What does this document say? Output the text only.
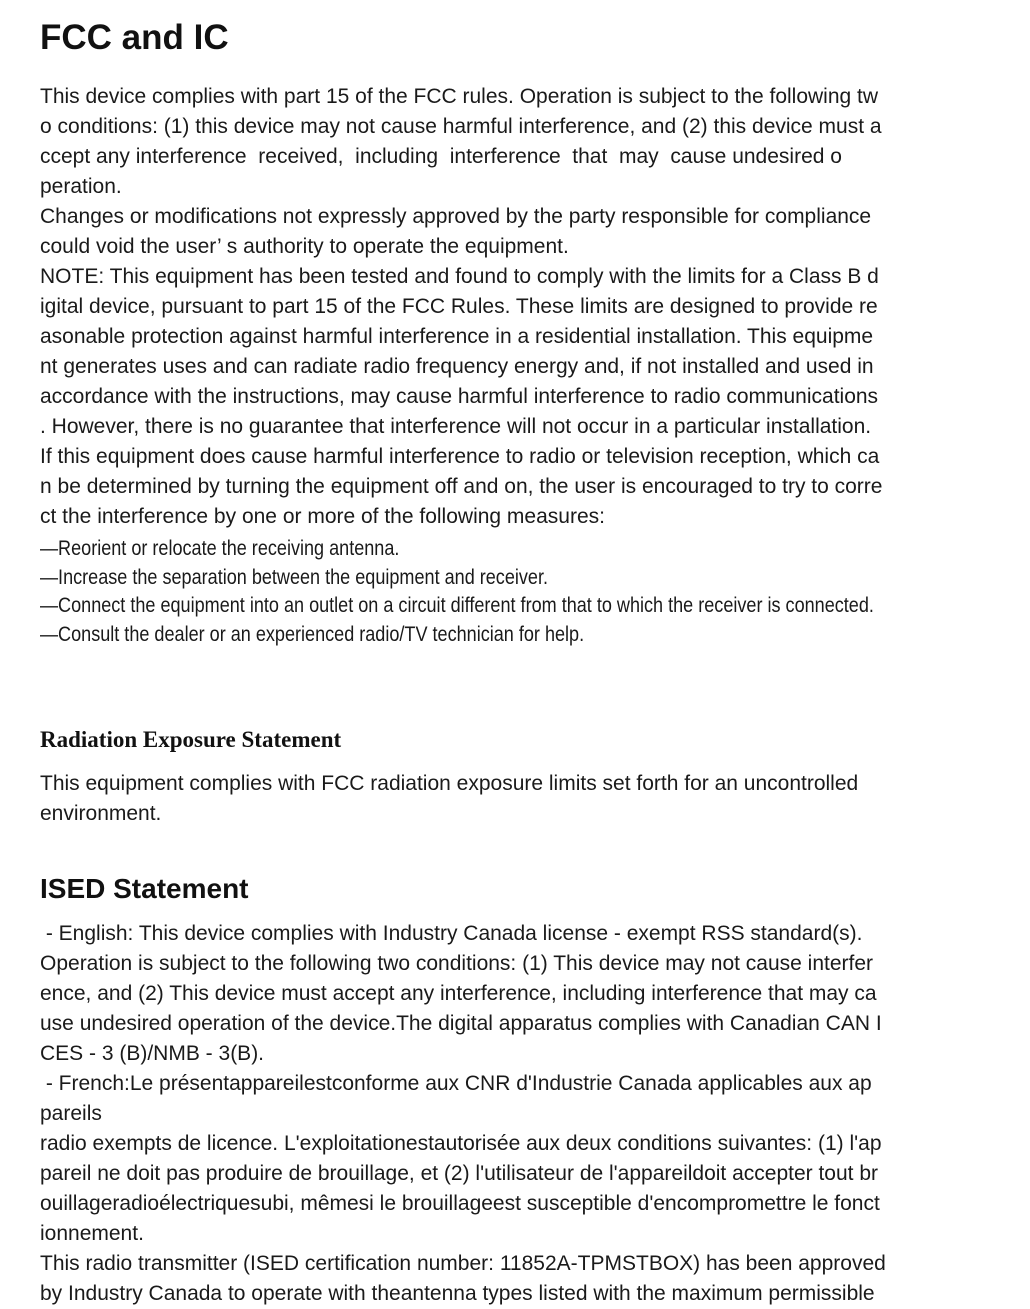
FCC and IC
This device complies with part 15 of the FCC rules. Operation is subject to the following tw
o conditions: (1) this device may not cause harmful interference, and (2) this device must a
ccept any interference  received,  including  interference  that  may  cause undesired o
peration.
Changes or modifications not expressly approved by the party responsible for compliance
could void the user’ s authority to operate the equipment.
NOTE: This equipment has been tested and found to comply with the limits for a Class B d
igital device, pursuant to part 15 of the FCC Rules. These limits are designed to provide re
asonable protection against harmful interference in a residential installation. This equipme
nt generates uses and can radiate radio frequency energy and, if not installed and used in
accordance with the instructions, may cause harmful interference to radio communications
. However, there is no guarantee that interference will not occur in a particular installation.
If this equipment does cause harmful interference to radio or television reception, which ca
n be determined by turning the equipment off and on, the user is encouraged to try to corre
ct the interference by one or more of the following measures:
—Reorient or relocate the receiving antenna.
—Increase the separation between the equipment and receiver.
—Connect the equipment into an outlet on a circuit different from that to which the receiver is connected.
—Consult the dealer or an experienced radio/TV technician for help.
Radiation Exposure Statement
This equipment complies with FCC radiation exposure limits set forth for an uncontrolled
environment.
ISED Statement
- English: This device complies with Industry Canada license - exempt RSS standard(s).
Operation is subject to the following two conditions: (1) This device may not cause interfer
ence, and (2) This device must accept any interference, including interference that may ca
use undesired operation of the device.The digital apparatus complies with Canadian CAN I
CES - 3 (B)/NMB - 3(B).
- French:Le présentappareilestconforme aux CNR d'Industrie Canada applicables aux ap
pareils
radio exempts de licence. L'exploitationestautorisée aux deux conditions suivantes: (1) l'ap
pareil ne doit pas produire de brouillage, et (2) l'utilisateur de l'appareildoit accepter tout br
ouillageradioélectriquesubi, mêmesi le brouillageest susceptible d'encompromettre le fonct
ionnement.
This radio transmitter (ISED certification number: 11852A-TPMSTBOX) has been approved
by Industry Canada to operate with theantenna types listed with the maximum permissible
